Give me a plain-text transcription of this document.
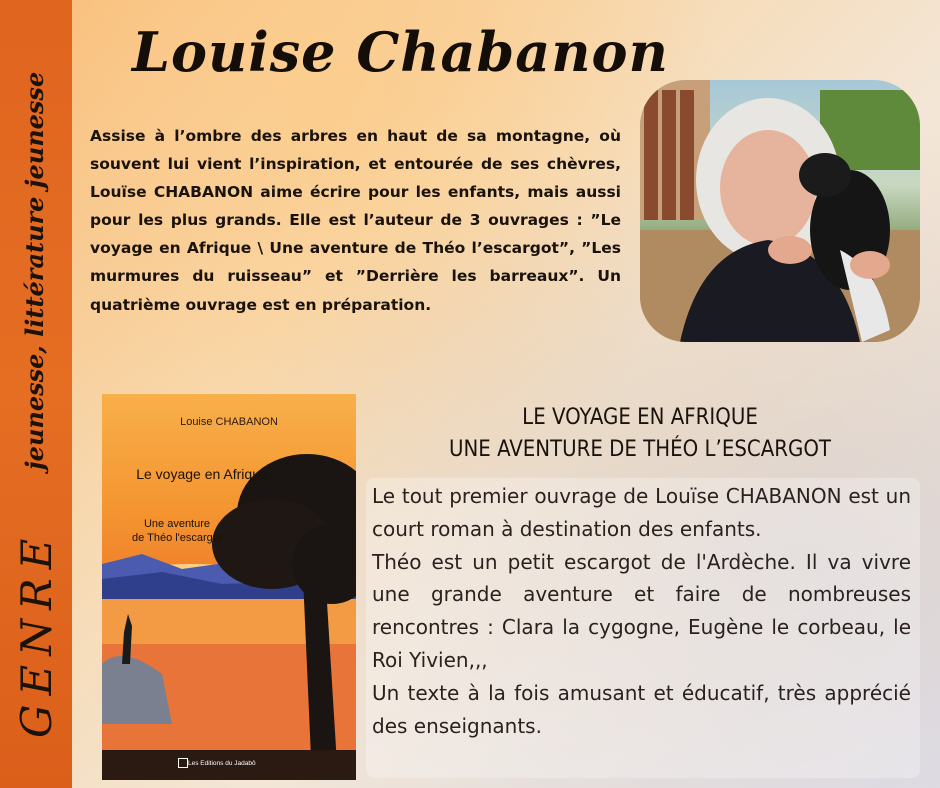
GENRE
jeunesse, littérature jeunesse
Louise Chabanon

Assise à l’ombre des arbres en haut de sa montagne, où souvent lui vient l’inspiration, et entourée de ses chèvres, Louïse CHABANON aime écrire pour les enfants, mais aussi pour les plus grands. Elle est l’auteur de 3 ouvrages : ”Le voyage en Afrique \ Une aventure de Théo l’escargot”, ”Les murmures du ruisseau” et ”Derrière les barreaux”. Un quatrième ouvrage est en préparation.

Louise CHABANON
Le voyage en Afrique
Une aventure
de Théo l'escargot
Les Editions du Jadabô
LE VOYAGE EN AFRIQUE
UNE AVENTURE DE THÉO L’ESCARGOT

Le tout premier ouvrage de Louïse CHABANON est un court roman à destination des enfants.

Théo est un petit escargot de l'Ardèche. Il va vivre une grande aventure et faire de nombreuses rencontres : Clara la cygogne, Eugène le corbeau, le Roi Yivien,,,

Un texte à la fois amusant et éducatif, très apprécié des enseignants.
